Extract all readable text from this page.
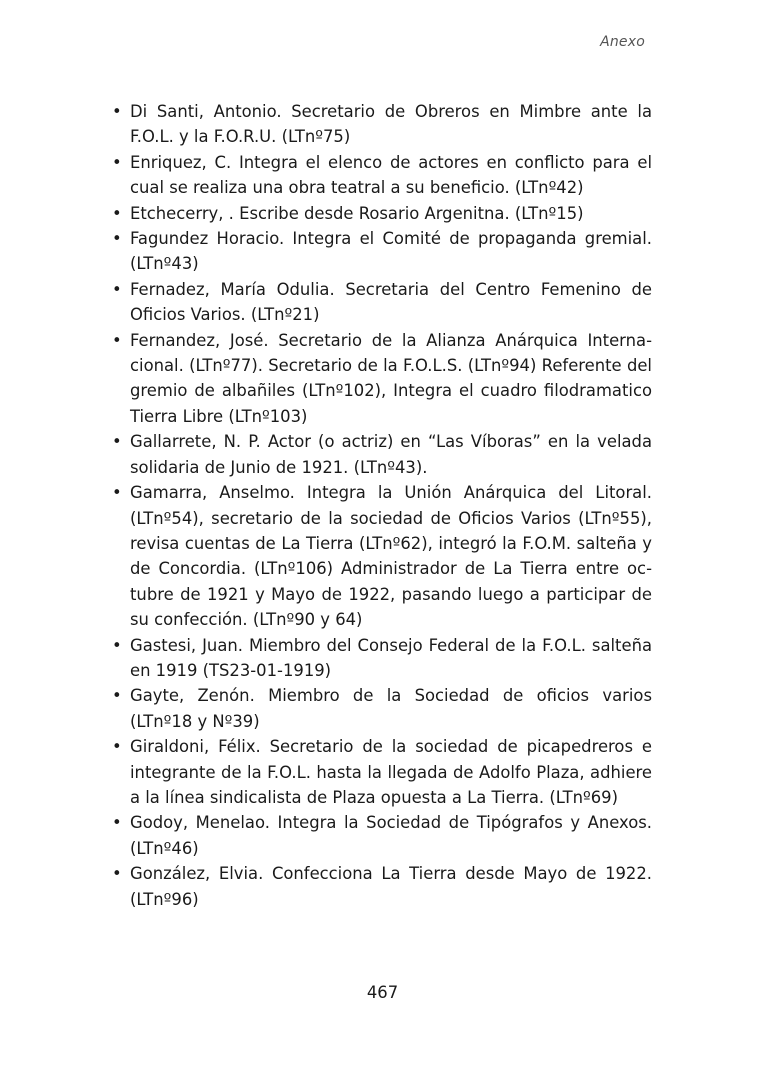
Anexo
• Di Santi, Antonio. Secretario de Obreros en Mimbre ante la F.O.L. y la F.O.R.U. (LTnº75)
• Enriquez, C. Integra el elenco de actores en conflicto para el cual se realiza una obra teatral a su beneficio. (LTnº42)
• Etchecerry, . Escribe desde Rosario Argenitna. (LTnº15)
• Fagundez Horacio. Integra el Comité de propaganda gremial. (LTnº43)
• Fernadez, María Odulia. Secretaria del Centro Femenino de Oficios Varios. (LTnº21)
• Fernandez, José. Secretario de la Alianza Anárquica Internacional. (LTnº77). Secretario de la F.O.L.S. (LTnº94) Referente del gremio de albañiles (LTnº102), Integra el cuadro filodramatico Tierra Libre (LTnº103)
• Gallarrete, N. P. Actor (o actriz) en “Las Víboras” en la velada solidaria de Junio de 1921. (LTnº43).
• Gamarra, Anselmo. Integra la Unión Anárquica del Litoral. (LTnº54), secretario de la sociedad de Oficios Varios (LTnº55), revisa cuentas de La Tierra (LTnº62), integró la F.O.M. salteña y de Concordia. (LTnº106) Administrador de La Tierra entre octubre de 1921 y Mayo de 1922, pasando luego a participar de su confección. (LTnº90 y 64)
• Gastesi, Juan. Miembro del Consejo Federal de la F.O.L. salteña en 1919 (TS23-01-1919)
• Gayte, Zenón. Miembro de la Sociedad de oficios varios (LTnº18 y Nº39)
• Giraldoni, Félix. Secretario de la sociedad de picapedreros e integrante de la F.O.L. hasta la llegada de Adolfo Plaza, adhiere a la línea sindicalista de Plaza opuesta a La Tierra. (LTnº69)
• Godoy, Menelao. Integra la Sociedad de Tipógrafos y Anexos. (LTnº46)
• González, Elvia. Confecciona La Tierra desde Mayo de 1922. (LTnº96)
467
